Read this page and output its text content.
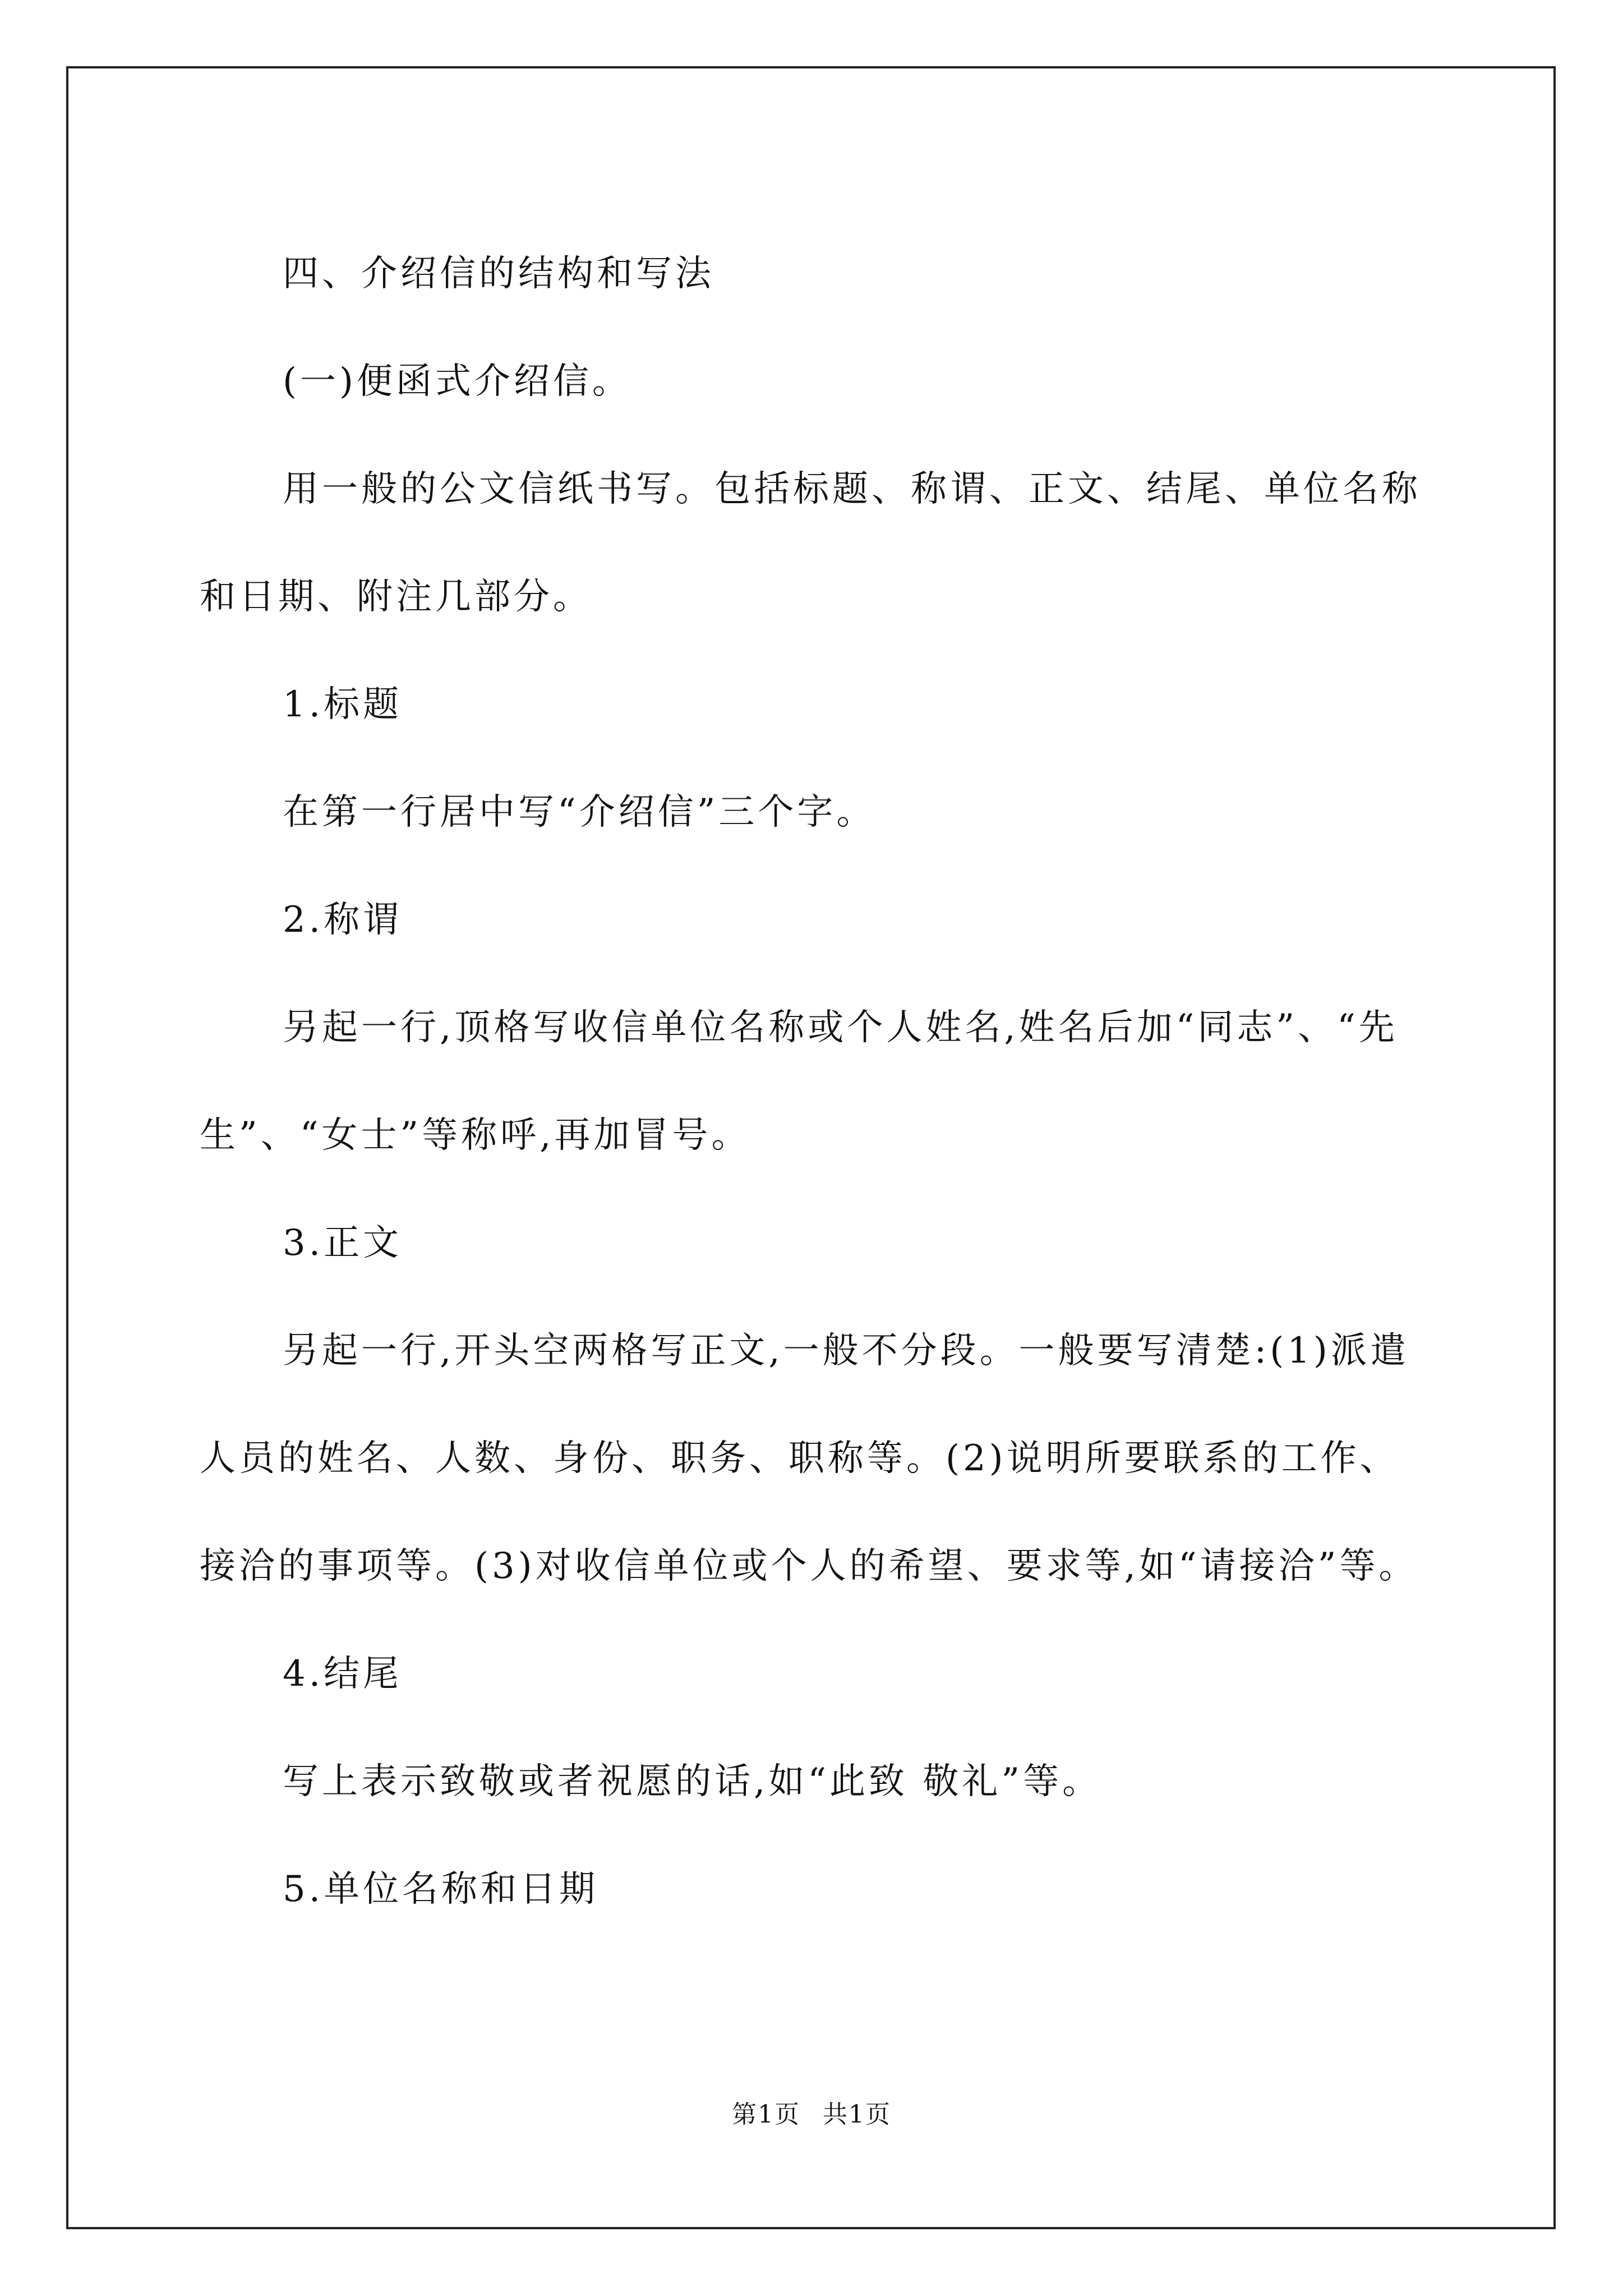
四、介绍信的结构和写法

(一)便函式介绍信。

用一般的公文信纸书写。包括标题、称谓、正文、结尾、单位名称和日期、附注几部分。

1.标题

在第一行居中写“介绍信”三个字。

2.称谓

另起一行,顶格写收信单位名称或个人姓名,姓名后加“同志”、“先生”、“女士”等称呼,再加冒号。

3.正文

另起一行,开头空两格写正文,一般不分段。一般要写清楚:(1)派遣人员的姓名、人数、身份、职务、职称等。(2)说明所要联系的工作、接洽的事项等。(3)对收信单位或个人的希望、要求等,如“请接洽”等。

4.结尾

写上表示致敬或者祝愿的话,如“此致 敬礼”等。

5.单位名称和日期

第1页 共1页
